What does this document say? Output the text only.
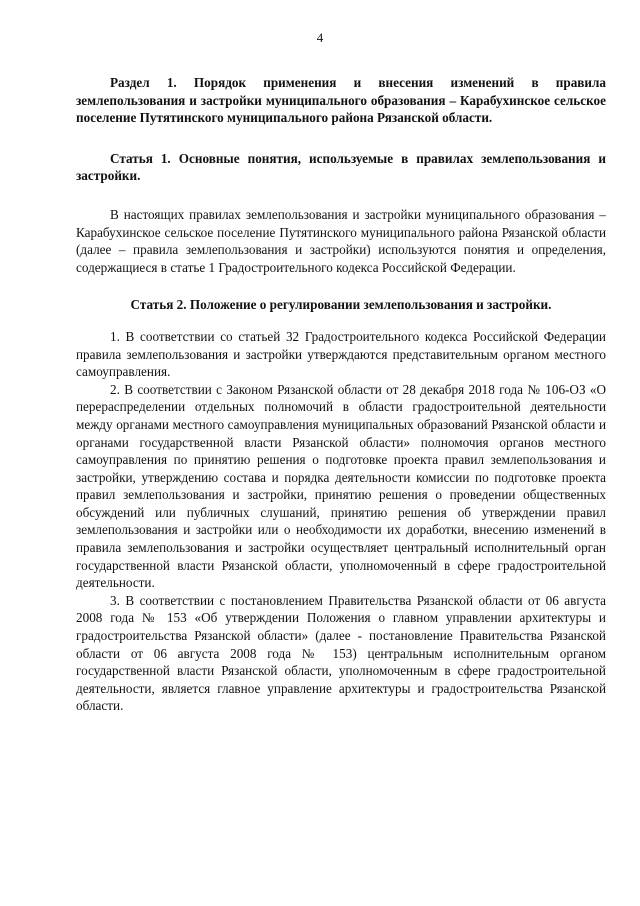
4

Раздел 1. Порядок применения и внесения изменений в правила землепользования и застройки муниципального образования – Карабухинское сельское поселение Путятинского муниципального района Рязанской области.

Статья 1. Основные понятия, используемые в правилах землепользования и застройки.

В настоящих правилах землепользования и застройки муниципального образования – Карабухинское сельское поселение Путятинского муниципального района Рязанской области (далее – правила землепользования и застройки) используются понятия и определения, содержащиеся в статье 1 Градостроительного кодекса Российской Федерации.

Статья 2. Положение о регулировании землепользования и застройки.

1. В соответствии со статьей 32 Градостроительного кодекса Российской Федерации правила землепользования и застройки утверждаются представительным органом местного самоуправления.

2. В соответствии с Законом Рязанской области от 28 декабря 2018 года № 106-ОЗ «О перераспределении отдельных полномочий в области градостроительной деятельности между органами местного самоуправления муниципальных образований Рязанской области и органами государственной власти Рязанской области» полномочия органов местного самоуправления по принятию решения о подготовке проекта правил землепользования и застройки, утверждению состава и порядка деятельности комиссии по подготовке проекта правил землепользования и застройки, принятию решения о проведении общественных обсуждений или публичных слушаний, принятию решения об утверждении правил землепользования и застройки или о необходимости их доработки, внесению изменений в правила землепользования и застройки осуществляет центральный исполнительный орган государственной власти Рязанской области, уполномоченный в сфере градостроительной деятельности.

3. В соответствии с постановлением Правительства Рязанской области от 06 августа 2008 года № 153 «Об утверждении Положения о главном управлении архитектуры и градостроительства Рязанской области» (далее - постановление Правительства Рязанской области от 06 августа 2008 года № 153) центральным исполнительным органом государственной власти Рязанской области, уполномоченным в сфере градостроительной деятельности, является главное управление архитектуры и градостроительства Рязанской области.
